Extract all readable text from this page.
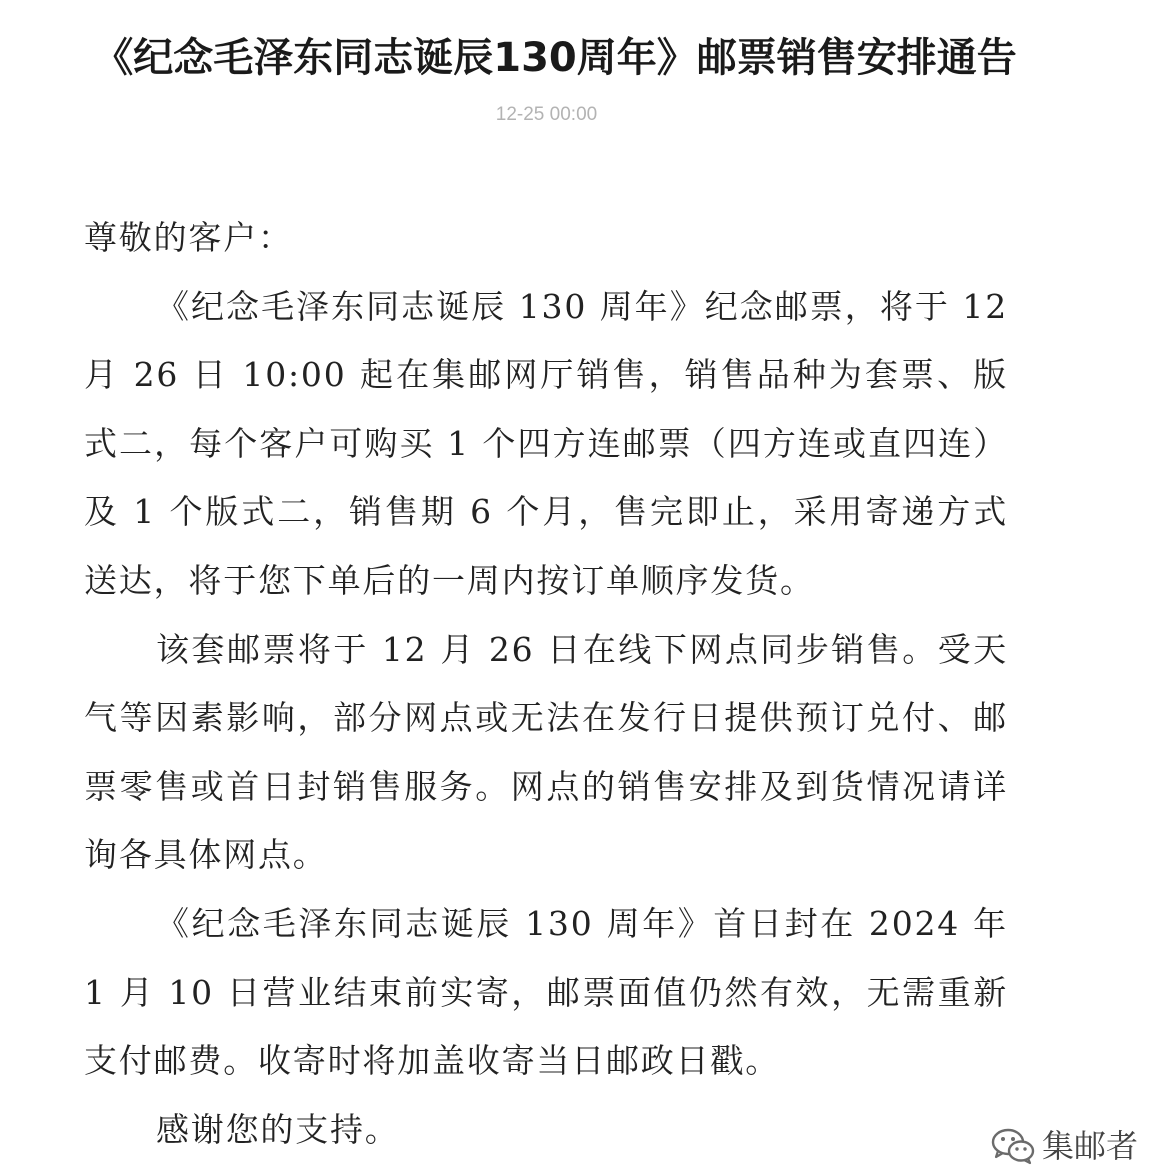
《纪念毛泽东同志诞辰130周年》邮票销售安排通告
12-25 00:00

尊敬的客户：

《纪念毛泽东同志诞辰 130 周年》纪念邮票，将于 12 月 26 日 10:00 起在集邮网厅销售，销售品种为套票、版式二，每个客户可购买 1 个四方连邮票（四方连或直四连）及 1 个版式二，销售期 6 个月，售完即止，采用寄递方式送达，将于您下单后的一周内按订单顺序发货。

该套邮票将于 12 月 26 日在线下网点同步销售。受天气等因素影响，部分网点或无法在发行日提供预订兑付、邮票零售或首日封销售服务。网点的销售安排及到货情况请详询各具体网点。

《纪念毛泽东同志诞辰 130 周年》首日封在 2024 年 1 月 10 日营业结束前实寄，邮票面值仍然有效，无需重新支付邮费。收寄时将加盖收寄当日邮政日戳。

感谢您的支持。	集邮者
